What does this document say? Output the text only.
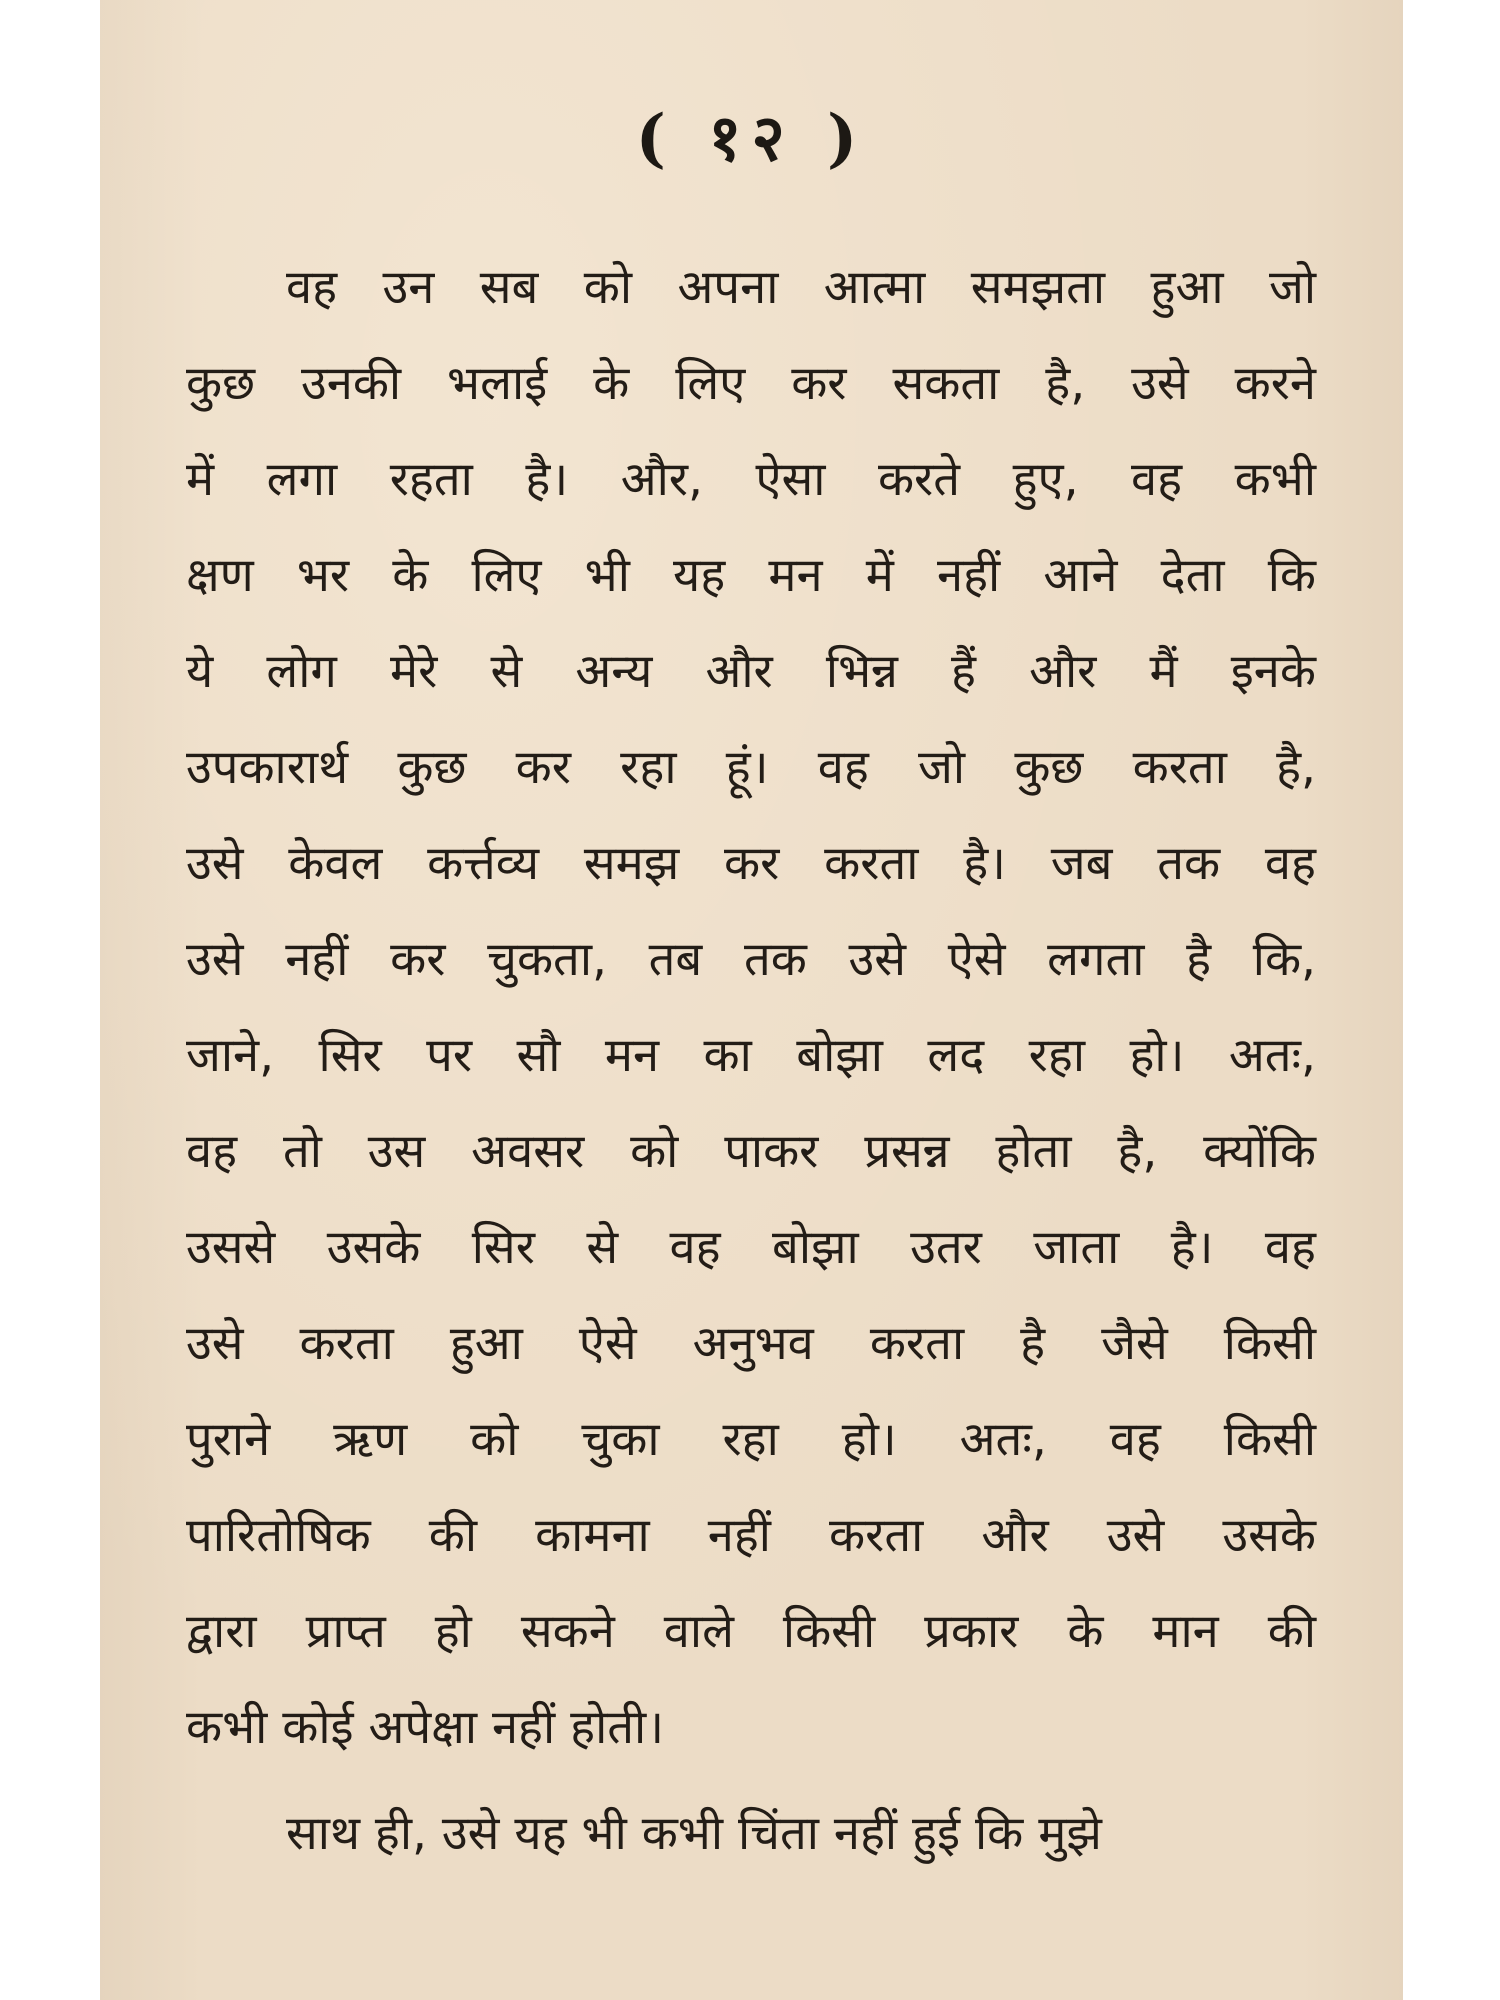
( १२ )
वह उन सब को अपना आत्मा समझता हुआ जो
कुछ उनकी भलाई के लिए कर सकता है, उसे करने
में लगा रहता है। और, ऐसा करते हुए, वह कभी
क्षण भर के लिए भी यह मन में नहीं आने देता कि
ये लोग मेरे से अन्य और भिन्न हैं और मैं इनके
उपकारार्थ कुछ कर रहा हूं। वह जो कुछ करता है,
उसे केवल कर्त्तव्य समझ कर करता है। जब तक वह
उसे नहीं कर चुकता, तब तक उसे ऐसे लगता है कि,
जाने, सिर पर सौ मन का बोझा लद रहा हो। अतः,
वह तो उस अवसर को पाकर प्रसन्न होता है, क्योंकि
उससे उसके सिर से वह बोझा उतर जाता है। वह
उसे करता हुआ ऐसे अनुभव करता है जैसे किसी
पुराने ऋण को चुका रहा हो। अतः, वह किसी
पारितोषिक की कामना नहीं करता और उसे उसके
द्वारा प्राप्त हो सकने वाले किसी प्रकार के मान की
कभी कोई अपेक्षा नहीं होती।
साथ ही, उसे यह भी कभी चिंता नहीं हुई कि मुझे
